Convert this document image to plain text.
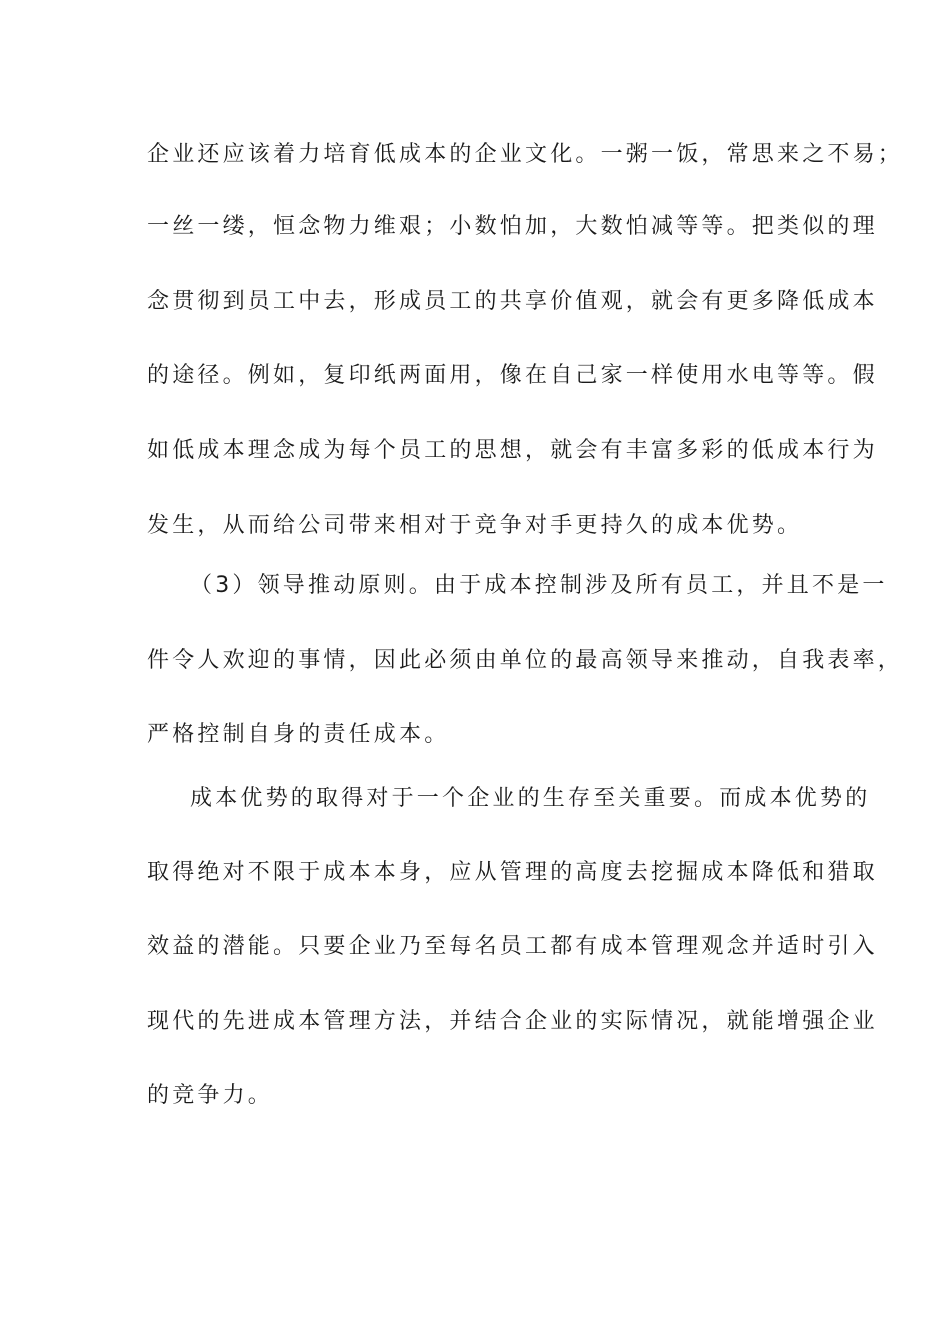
企业还应该着力培育低成本的企业文化。一粥一饭，常思来之不易；
一丝一缕，恒念物力维艰；小数怕加，大数怕减等等。把类似的理
念贯彻到员工中去，形成员工的共享价值观，就会有更多降低成本
的途径。例如，复印纸两面用，像在自己家一样使用水电等等。假
如低成本理念成为每个员工的思想，就会有丰富多彩的低成本行为
发生，从而给公司带来相对于竞争对手更持久的成本优势。
（3）领导推动原则。由于成本控制涉及所有员工，并且不是一
件令人欢迎的事情，因此必须由单位的最高领导来推动，自我表率，
严格控制自身的责任成本。
成本优势的取得对于一个企业的生存至关重要。而成本优势的
取得绝对不限于成本本身，应从管理的高度去挖掘成本降低和猎取
效益的潜能。只要企业乃至每名员工都有成本管理观念并适时引入
现代的先进成本管理方法，并结合企业的实际情况，就能增强企业
的竞争力。
